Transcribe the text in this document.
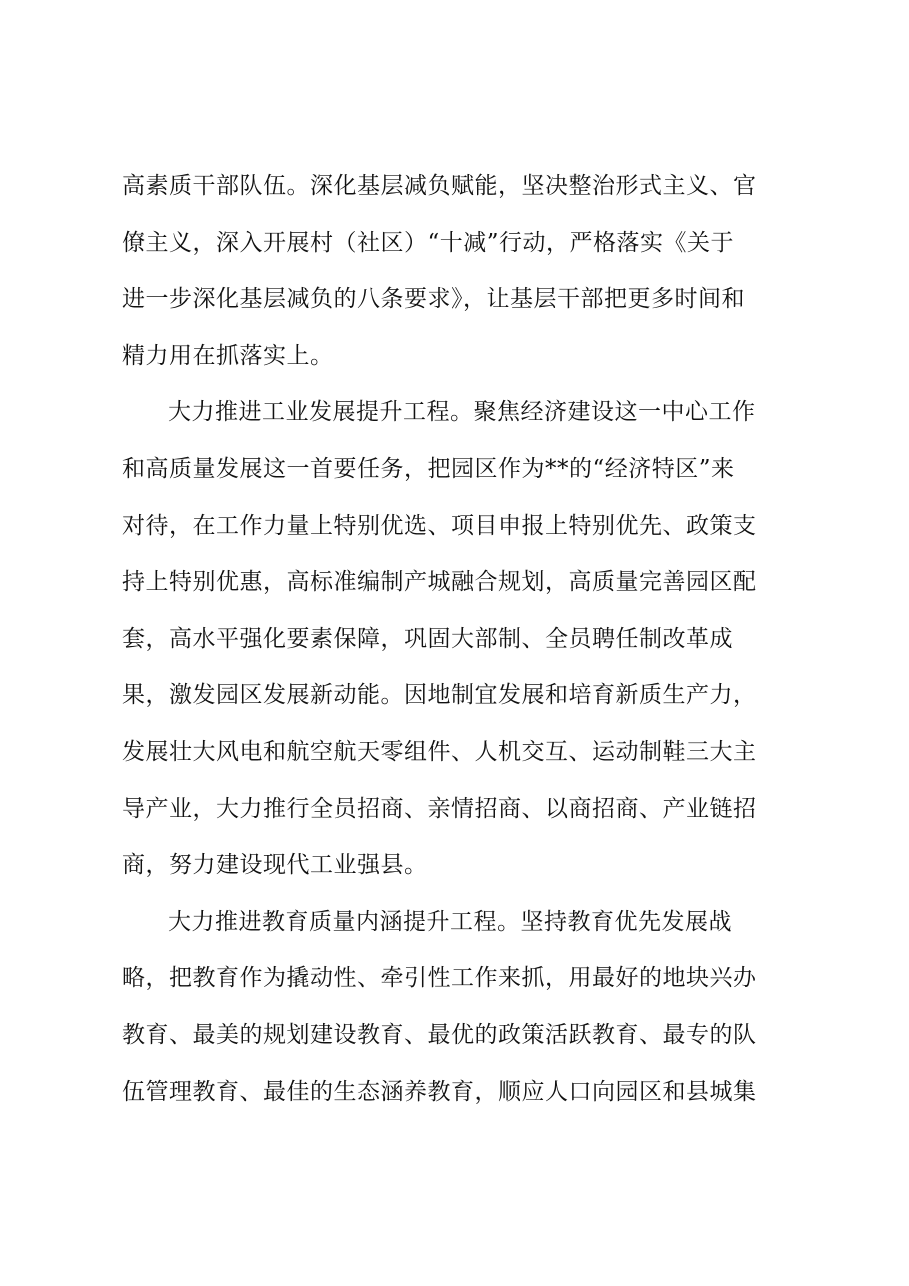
高素质干部队伍。深化基层减负赋能，坚决整治形式主义、官
僚主义，深入开展村（社区）“十减”行动，严格落实《关于
进一步深化基层减负的八条要求》，让基层干部把更多时间和
精力用在抓落实上。
大力推进工业发展提升工程。聚焦经济建设这一中心工作
和高质量发展这一首要任务，把园区作为**的“经济特区”来
对待，在工作力量上特别优选、项目申报上特别优先、政策支
持上特别优惠，高标准编制产城融合规划，高质量完善园区配
套，高水平强化要素保障，巩固大部制、全员聘任制改革成
果，激发园区发展新动能。因地制宜发展和培育新质生产力，
发展壮大风电和航空航天零组件、人机交互、运动制鞋三大主
导产业，大力推行全员招商、亲情招商、以商招商、产业链招
商，努力建设现代工业强县。
大力推进教育质量内涵提升工程。坚持教育优先发展战
略，把教育作为撬动性、牵引性工作来抓，用最好的地块兴办
教育、最美的规划建设教育、最优的政策活跃教育、最专的队
伍管理教育、最佳的生态涵养教育，顺应人口向园区和县城集
